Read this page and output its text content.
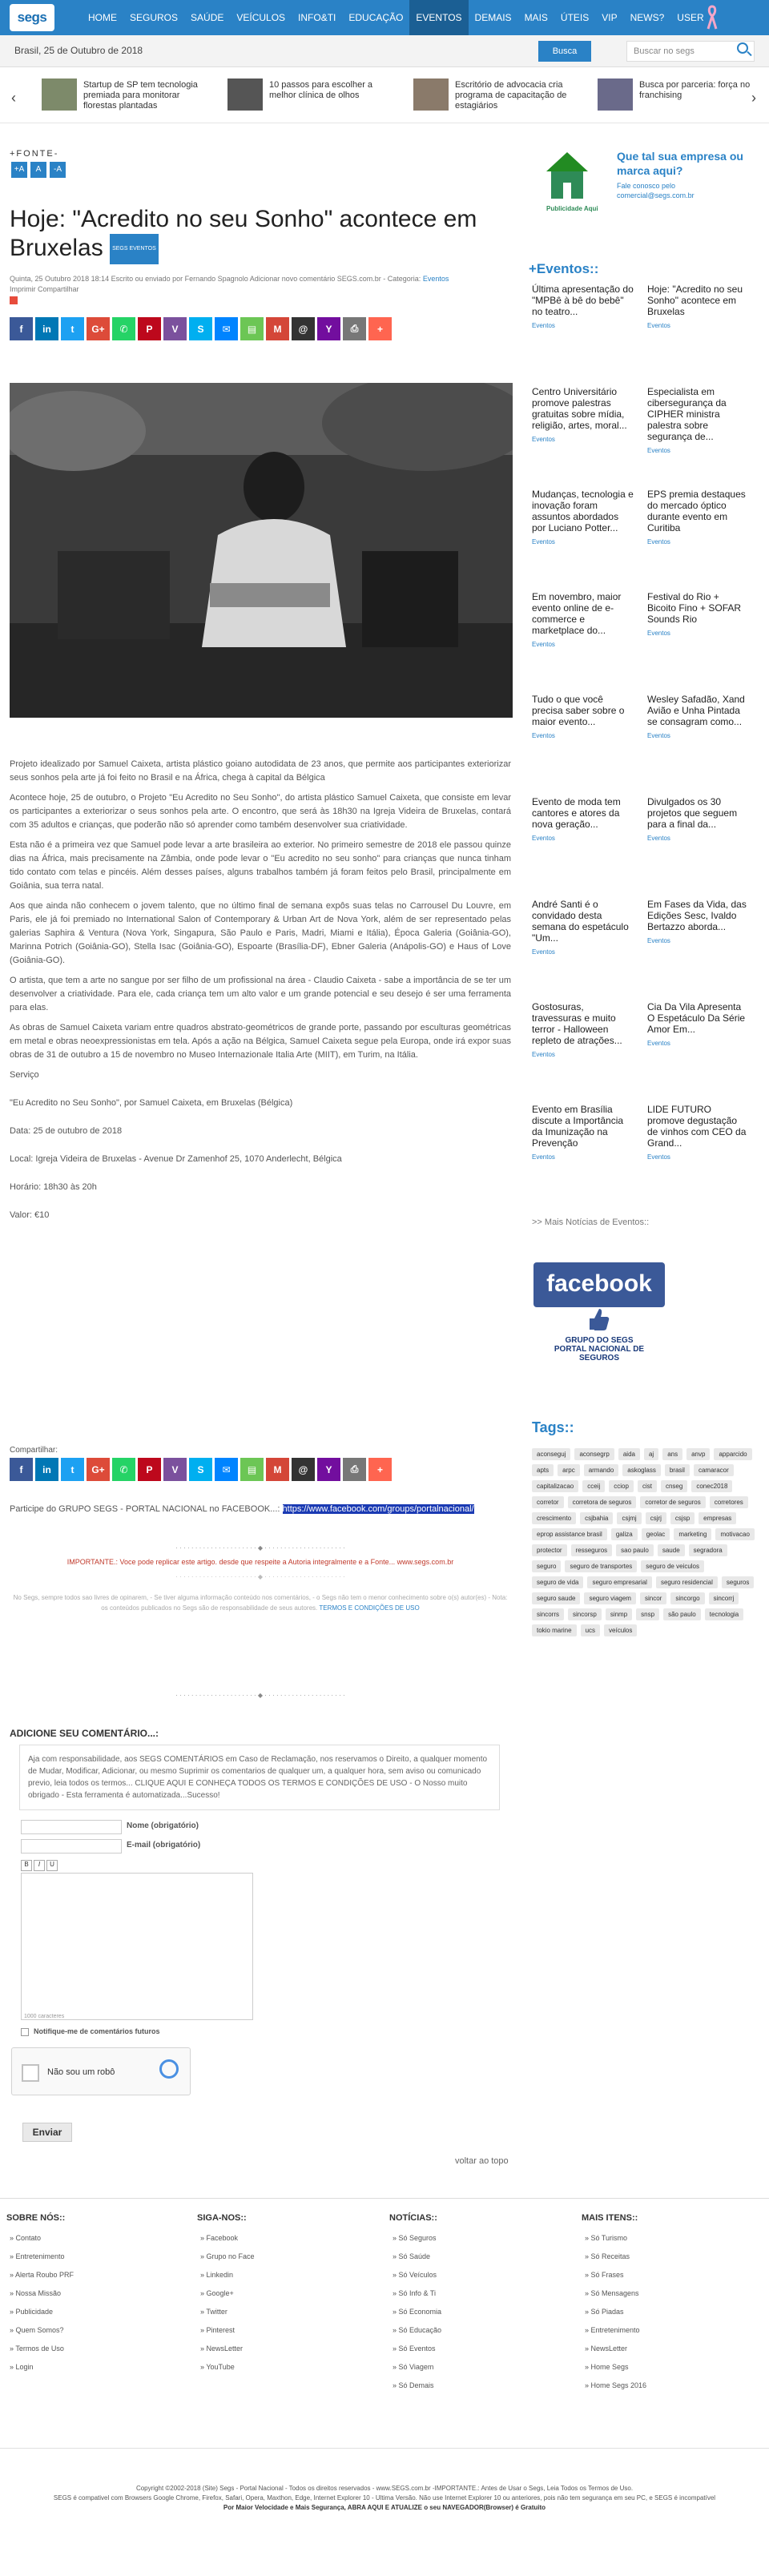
segs	HOME	SEGUROS	SAÚDE	VEÍCULOS	INFO&TI	EDUCAÇÃO	EVENTOS	DEMAIS	MAIS	ÚTEIS	VIP	NEWS?	USER
Brasil, 25 de Outubro de 2018	Busca	Buscar no segs
‹
Startup de SP tem tecnologia premiada para monitorar florestas plantadas
10 passos para escolher a melhor clínica de olhos
Escritório de advocacia cria programa de capacitação de estagiários
Busca por parceria: força no franchising	›
+FONTE-
+A	A	-A
Hoje: "Acredito no seu Sonho" acontece em Bruxelas SEGS EVENTOS
Quinta, 25 Outubro 2018 18:14 Escrito ou enviado por Fernando Spagnolo Adicionar novo comentário SEGS.com.br - Categoria: Eventos
Imprimir Compartilhar

f	in	t	G+	✆	P	V	S	✉	▤	M	@	Y	⎙	+

Projeto idealizado por Samuel Caixeta, artista plástico goiano autodidata de 23 anos, que permite aos participantes exteriorizar seus sonhos pela arte já foi feito no Brasil e na África, chega à capital da Bélgica

Acontece hoje, 25 de outubro, o Projeto "Eu Acredito no Seu Sonho", do artista plástico Samuel Caixeta, que consiste em levar os participantes a exteriorizar o seus sonhos pela arte. O encontro, que será às 18h30 na Igreja Videira de Bruxelas, contará com 35 adultos e crianças, que poderão não só aprender como também desenvolver sua criatividade.

Esta não é a primeira vez que Samuel pode levar a arte brasileira ao exterior. No primeiro semestre de 2018 ele passou quinze dias na África, mais precisamente na Zâmbia, onde pode levar o "Eu acredito no seu sonho" para crianças que nunca tinham tido contato com telas e pincéis. Além desses países, alguns trabalhos também já foram feitos pelo Brasil, principalmente em Goiânia, sua terra natal.

Aos que ainda não conhecem o jovem talento, que no último final de semana expôs suas telas no Carrousel Du Louvre, em Paris, ele já foi premiado no International Salon of Contemporary & Urban Art de Nova York, além de ser representado pelas galerias Saphira & Ventura (Nova York, Singapura, São Paulo e Paris, Madri, Miami e Itália), Época Galeria (Goiânia-GO), Marinna Potrich (Goiânia-GO), Stella Isac (Goiânia-GO), Espoarte (Brasília-DF), Ebner Galeria (Anápolis-GO) e Haus of Love (Goiânia-GO).

O artista, que tem a arte no sangue por ser filho de um profissional na área - Claudio Caixeta - sabe a importância de se ter um desenvolver a criatividade. Para ele, cada criança tem um alto valor e um grande potencial e seu desejo é ser uma ferramenta para elas.

As obras de Samuel Caixeta variam entre quadros abstrato-geométricos de grande porte, passando por esculturas geométricas em metal e obras neoexpressionistas em tela. Após a ação na Bélgica, Samuel Caixeta segue pela Europa, onde irá expor suas obras de 31 de outubro a 15 de novembro no Museo Internazionale Italia Arte (MIIT), em Turim, na Itália.

Serviço

"Eu Acredito no Seu Sonho", por Samuel Caixeta, em Bruxelas (Bélgica)

Data: 25 de outubro de 2018

Local: Igreja Videira de Bruxelas - Avenue Dr Zamenhof 25, 1070 Anderlecht, Bélgica

Horário: 18h30 às 20h

Valor: €10

f	in	t	G+	✆	P	V	S	✉	▤	M	@	Y	⎙	+
Compartilhar:
Participe do GRUPO SEGS - PORTAL NACIONAL no FACEBOOK...: https://www.facebook.com/groups/portalnacional/
· · · · · · · · · · · · · · · · · · · · · ◆ · · · · · · · · · · · · · · · · · · · · ·
IMPORTANTE.: Voce pode replicar este artigo. desde que respeite a Autoria integralmente e a Fonte... www.segs.com.br
· · · · · · · · · · · · · · · · · · · · · ◆ · · · · · · · · · · · · · · · · · · · · ·
No Segs, sempre todos sao livres de opinarem, - Se tiver alguma informação conteúdo nos comentários, - o Segs não tem o menor conhecimento sobre o(s) autor(es) - Nota: os conteúdos publicados no Segs são de responsabilidade de seus autores. TERMOS E CONDIÇÕES DE USO
· · · · · · · · · · · · · · · · · · · · · ◆ · · · · · · · · · · · · · · · · · · · · ·
ADICIONE SEU COMENTÁRIO...:
Aja com responsabilidade, aos SEGS COMENTÁRIOS em Caso de Reclamação, nos reservamos o Direito, a qualquer momento de Mudar, Modificar, Adicionar, ou mesmo Suprimir os comentarios de qualquer um, a qualquer hora, sem aviso ou comunicado previo, leia todos os termos... CLIQUE AQUI E CONHEÇA TODOS OS TERMOS E CONDIÇÕES DE USO - O Nosso muito obrigado - Esta ferramenta é automatizada...Sucesso!
Nome (obrigatório)
E-mail (obrigatório)
B	I	U
1000 caracteres
Notifique-me de comentários futuros
Não sou um robô
Enviar
voltar ao topo
Que tal sua empresa ou marca aqui?
Publicidade Aqui
Fale conosco pelo comercial@segs.com.br
+Eventos::
Última apresentação do "MPBê à bê do bebê" no teatro...
Eventos
Hoje: "Acredito no seu Sonho" acontece em Bruxelas
Eventos
Centro Universitário promove palestras gratuitas sobre mídia, religião, artes, moral...
Eventos
Especialista em cibersegurança da CIPHER ministra palestra sobre segurança de...
Eventos
Mudanças, tecnologia e inovação foram assuntos abordados por Luciano Potter...
Eventos
EPS premia destaques do mercado óptico durante evento em Curitiba
Eventos
Em novembro, maior evento online de e-commerce e marketplace do...
Eventos
Festival do Rio + Bicoito Fino + SOFAR Sounds Rio
Eventos
Tudo o que você precisa saber sobre o maior evento...
Eventos
Wesley Safadão, Xand Avião e Unha Pintada se consagram como...
Eventos
Evento de moda tem cantores e atores da nova geração...
Eventos
Divulgados os 30 projetos que seguem para a final da...
Eventos
André Santi é o convidado desta semana do espetáculo "Um...
Eventos
Em Fases da Vida, das Edições Sesc, Ivaldo Bertazzo aborda...
Eventos
Gostosuras, travessuras e muito terror - Halloween repleto de atrações...
Eventos
Cia Da Vila Apresenta O Espetáculo Da Série Amor Em...
Eventos
Evento em Brasília discute a Importância da Imunização na Prevenção
Eventos
LIDE FUTURO promove degustação de vinhos com CEO da Grand...
Eventos
>> Mais Notícias de Eventos::
facebook
GRUPO DO SEGS PORTAL NACIONAL DE SEGUROS
Tags::
aconseguj	aconsegrp	aida	aj	ans	anvp	apparcido
apts	arpc	armando	askoglass	brasil	camaracor
capitalizacao	cceij	cciop	cist	cnseg	conec2018
corretor	corretora de seguros	corretor de seguros	corretores
crescimento	csjbahia	csjmj	csjrj	csjsp	empresas
eprop assistance brasil	galiza	geolac	marketing	motivacao
protector	resseguros	sao paulo	saude	segradora
seguro	seguro de transportes	seguro de veiculos
seguro de vida	seguro empresarial	seguro residencial	seguros
seguro saude	seguro viagem	sincor	sincorgo	sincorrj
sincorrs	sincorsp	sinmp	snsp	são paulo	tecnologia
tokio marine	ucs	veículos
SOBRE NÓS::
» Contato
» Entretenimento
» Alerta Roubo PRF
» Nossa Missão
» Publicidade
» Quem Somos?
» Termos de Uso
» Login
SIGA-NOS::
» Facebook
» Grupo no Face
» Linkedin
» Google+
» Twitter
» Pinterest
» NewsLetter
» YouTube
NOTÍCIAS::
» Só Seguros
» Só Saúde
» Só Veículos
» Só Info & Ti
» Só Economia
» Só Educação
» Só Eventos
» Só Viagem
» Só Demais
MAIS ITENS::
» Só Turismo
» Só Receitas
» Só Frases
» Só Mensagens
» Só Piadas
» Entretenimento
» NewsLetter
» Home Segs
» Home Segs 2016

Copyright ©2002-2018 (Site) Segs - Portal Nacional - Todos os direitos reservados - www.SEGS.com.br -IMPORTANTE.: Antes de Usar o Segs, Leia Todos os Termos de Uso.

SEGS é compativel com Browsers Google Chrome, Firefox, Safari, Opera, Maxthon, Edge, Internet Explorer 10 - Ultima Versão. Não use Internet Explorer 10 ou anteriores, pois não tem segurança em seu PC, e SEGS é incompatível

Por Maior Velocidade e Mais Segurança, ABRA AQUI E ATUALIZE o seu NAVEGADOR(Browser) é Gratuito
